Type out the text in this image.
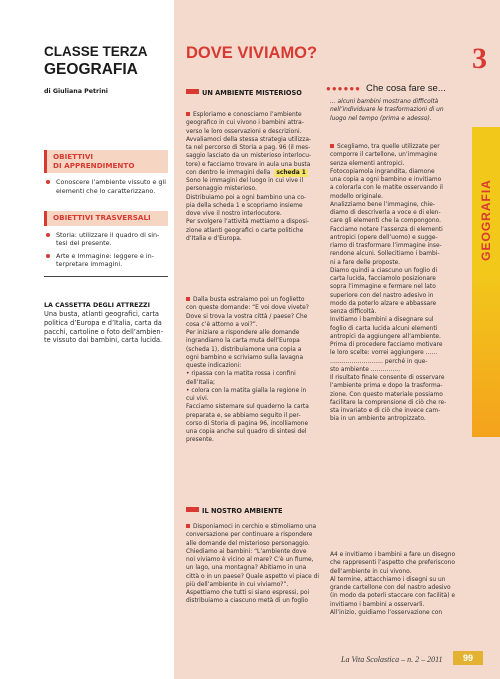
CLASSE TERZA
GEOGRAFIA
di Giuliana Petrini
OBIETTIVI
DI APPRENDIMENTO
Conoscere l’ambiente vissuto e gli
elementi che lo caratterizzano.
OBIETTIVI TRASVERSALI
Storia: utilizzare il quadro di sin-
tesi del presente.
Arte e Immagine: leggere e in-
terpretare immagini.
LA CASSETTA DEGLI ATTREZZI
Una busta, atlanti geografici, carta
politica d’Europa e d’Italia, carta da
pacchi, cartoline o foto dell’ambien-
te vissuto dai bambini, carta lucida.
DOVE VIVIAMO?	3
GEOGRAFIA
UN AMBIENTE MISTERIOSO
Esploriamo e conosciamo l’ambiente
geografico in cui vivono i bambini attra-
verso le loro osservazioni e descrizioni.
Avvaliamoci della stessa strategia utilizza-
ta nel percorso di Storia a pag. 96 (il mes-
saggio lasciato da un misterioso interlocu-
tore) e facciamo trovare in aula una busta
con dentro le immagini della scheda 1
Sono le immagini del luogo in cui vive il
personaggio misterioso.
Distribuiamo poi a ogni bambino una co-
pia della scheda 1 e scopriamo insieme
dove vive il nostro interlocutore.
Per svolgere l’attività mettiamo a disposi-
zione atlanti geografici o carte politiche
d’Italia e d’Europa.
Dalla busta estraiamo poi un foglietto
con queste domande: “E voi dove vivete?
Dove si trova la vostra città / paese? Che
cosa c’è attorno a voi?”.
Per iniziare a rispondere alle domande
ingrandiamo la carta muta dell’Europa
(scheda 1), distribuiamone una copia a
ogni bambino e scriviamo sulla lavagna
queste indicazioni:
• ripassa con la matita rossa i confini
dell’Italia;
• colora con la matita gialla la regione in
cui vivi.
Facciamo sistemare sul quaderno la carta
preparata e, se abbiamo seguito il per-
corso di Storia di pagina 96, incolliamone
una copia anche sul quadro di sintesi del
presente.
IL NOSTRO AMBIENTE
Disponiamoci in cerchio e stimoliamo una
conversazione per continuare a rispondere
alle domande del misterioso personaggio.
Chiediamo ai bambini: “L’ambiente dove
noi viviamo è vicino al mare? C’è un fiume,
un lago, una montagna? Abitiamo in una
città o in un paese? Quale aspetto vi piace di
più dell’ambiente in cui viviamo?”.
Aspettiamo che tutti si siano espressi, poi
distribuiamo a ciascuno metà di un foglio
●●●●●● Che cosa fare se...
... alcuni bambini mostrano difficoltà
nell’individuare le trasformazioni di un
luogo nel tempo (prima e adesso).
Scegliamo, tra quelle utilizzate per
comporre il cartellone, un’immagine
senza elementi antropici.
Fotocopiamola ingrandita, diamone
una copia a ogni bambino e invitiamo
a colorarla con le matite osservando il
modello originale.
Analizziamo bene l’immagine, chie-
diamo di descriverla a voce e di elen-
care gli elementi che la compongono.
Facciamo notare l’assenza di elementi
antropici (opere dell’uomo) e sugge-
riamo di trasformare l’immagine inse-
rendone alcuni. Sollecitiamo i bambi-
ni a fare delle proposte.
Diamo quindi a ciascuno un foglio di
carta lucida, facciamolo posizionare
sopra l’immagine e fermare nel lato
superiore con del nastro adesivo in
modo da poterlo alzare e abbassare
senza difficoltà.
Invitiamo i bambini a disegnare sul
foglio di carta lucida alcuni elementi
antropici da aggiungere all’ambiente.
Prima di procedere facciamo motivare
le loro scelte: vorrei aggiungere ……
……………………… perché in que-
sto ambiente ……………
Il risultato finale consente di osservare
l’ambiente prima e dopo la trasforma-
zione. Con questo materiale possiamo
facilitare la comprensione di ciò che re-
sta invariato e di ciò che invece cam-
bia in un ambiente antropizzato.
A4 e invitiamo i bambini a fare un disegno
che rappresenti l’aspetto che preferiscono
dell’ambiente in cui vivono.
Al termine, attacchiamo i disegni su un
grande cartellone con del nastro adesivo
(in modo da poterli staccare con facilità) e
invitiamo i bambini a osservarli.
All’inizio, guidiamo l’osservazione con
La Vita Scolastica – n. 2 – 2011	99
